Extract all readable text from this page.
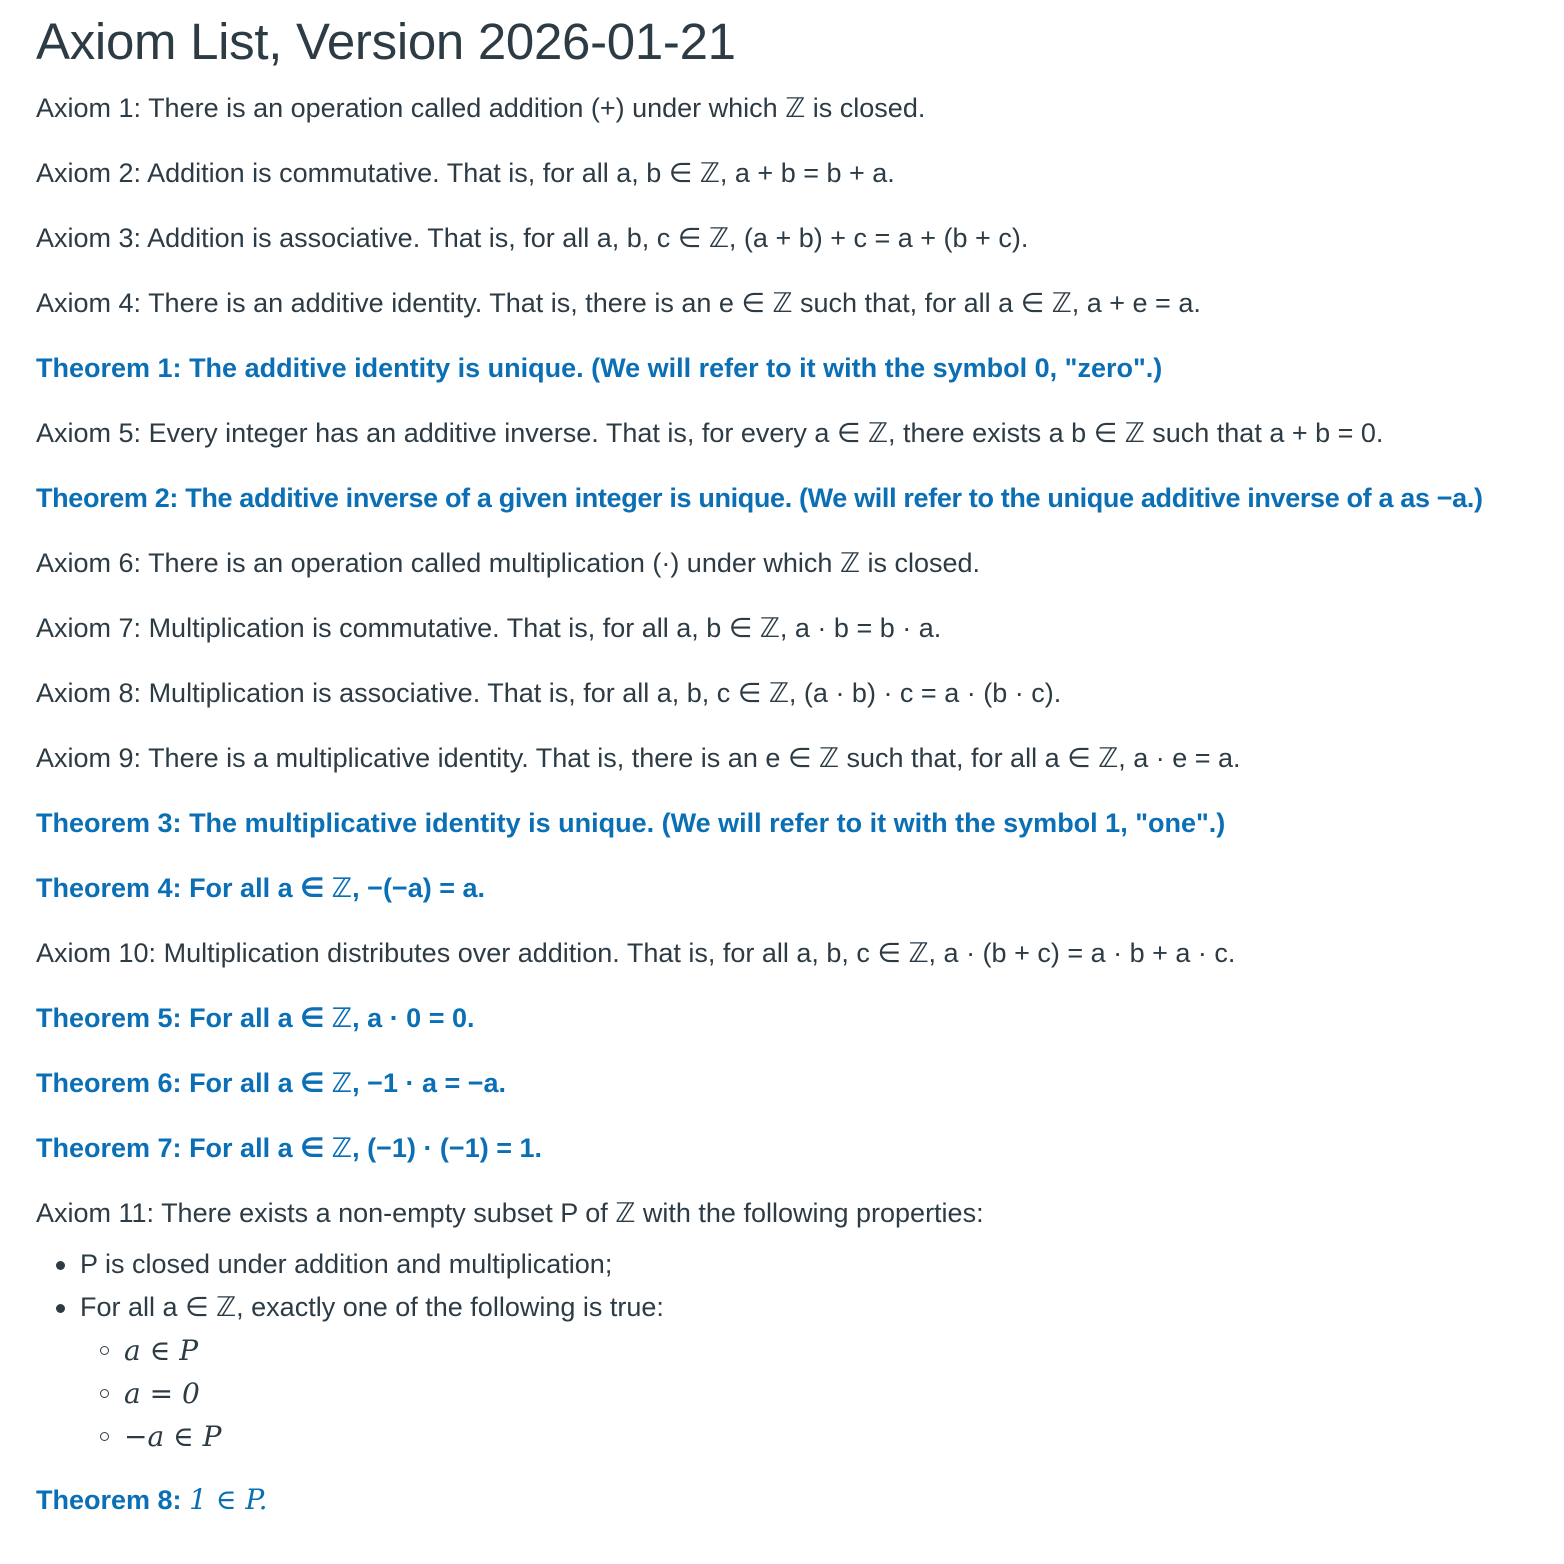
Axiom List, Version 2026-01-21

Axiom 1: There is an operation called addition (+) under which ℤ is closed.

Axiom 2: Addition is commutative. That is, for all a, b ∈ ℤ, a + b = b + a.

Axiom 3: Addition is associative. That is, for all a, b, c ∈ ℤ, (a + b) + c = a + (b + c).

Axiom 4: There is an additive identity. That is, there is an e ∈ ℤ such that, for all a ∈ ℤ, a + e = a.

Theorem 1: The additive identity is unique. (We will refer to it with the symbol 0, "zero".)

Axiom 5: Every integer has an additive inverse. That is, for every a ∈ ℤ, there exists a b ∈ ℤ such that a + b = 0.

Theorem 2: The additive inverse of a given integer is unique. (We will refer to the unique additive inverse of a as −a.)

Axiom 6: There is an operation called multiplication (·) under which ℤ is closed.

Axiom 7: Multiplication is commutative. That is, for all a, b ∈ ℤ, a · b = b · a.

Axiom 8: Multiplication is associative. That is, for all a, b, c ∈ ℤ, (a · b) · c = a · (b · c).

Axiom 9: There is a multiplicative identity. That is, there is an e ∈ ℤ such that, for all a ∈ ℤ, a · e = a.

Theorem 3: The multiplicative identity is unique. (We will refer to it with the symbol 1, "one".)

Theorem 4: For all a ∈ ℤ, −(−a) = a.

Axiom 10: Multiplication distributes over addition. That is, for all a, b, c ∈ ℤ, a · (b + c) = a · b + a · c.

Theorem 5: For all a ∈ ℤ, a · 0 = 0.

Theorem 6: For all a ∈ ℤ, −1 · a = −a.

Theorem 7: For all a ∈ ℤ, (−1) · (−1) = 1.

Axiom 11: There exists a non-empty subset P of ℤ with the following properties:

P is closed under addition and multiplication;
For all a ∈ ℤ, exactly one of the following is true:
a ∈ P
a = 0
−a ∈ P

Theorem 8: 1 ∈ P.
